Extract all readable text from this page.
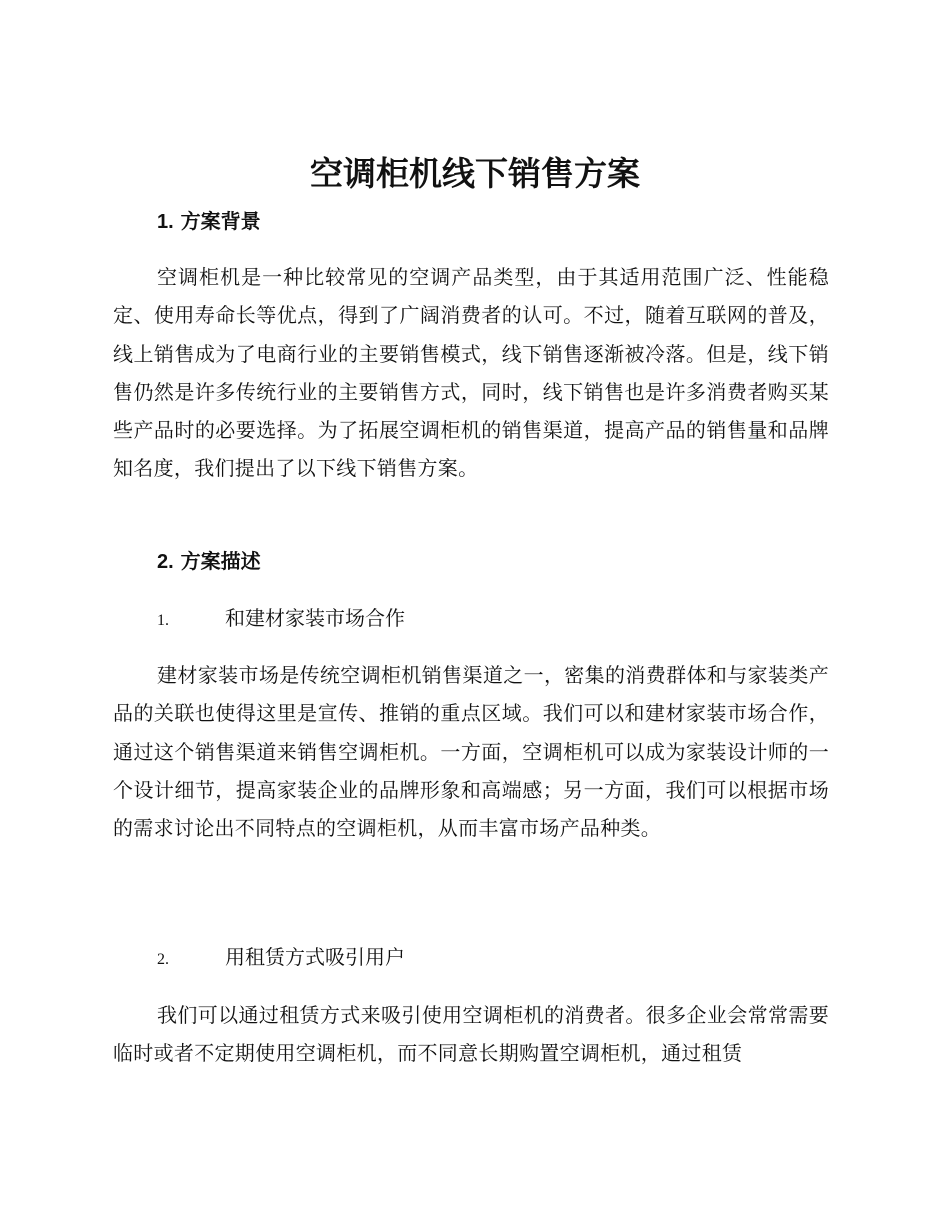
空调柜机线下销售方案
1. 方案背景

空调柜机是一种比较常见的空调产品类型，由于其适用范围广泛、性能稳定、使用寿命长等优点，得到了广阔消费者的认可。不过，随着互联网的普及，线上销售成为了电商行业的主要销售模式，线下销售逐渐被冷落。但是，线下销售仍然是许多传统行业的主要销售方式，同时，线下销售也是许多消费者购买某些产品时的必要选择。为了拓展空调柜机的销售渠道，提高产品的销售量和品牌知名度，我们提出了以下线下销售方案。

2. 方案描述
1.	和建材家装市场合作

建材家装市场是传统空调柜机销售渠道之一，密集的消费群体和与家装类产品的关联也使得这里是宣传、推销的重点区域。我们可以和建材家装市场合作，通过这个销售渠道来销售空调柜机。一方面，空调柜机可以成为家装设计师的一个设计细节，提高家装企业的品牌形象和高端感；另一方面，我们可以根据市场的需求讨论出不同特点的空调柜机，从而丰富市场产品种类。

2.	用租赁方式吸引用户

我们可以通过租赁方式来吸引使用空调柜机的消费者。很多企业会常常需要临时或者不定期使用空调柜机，而不同意长期购置空调柜机，通过租赁
